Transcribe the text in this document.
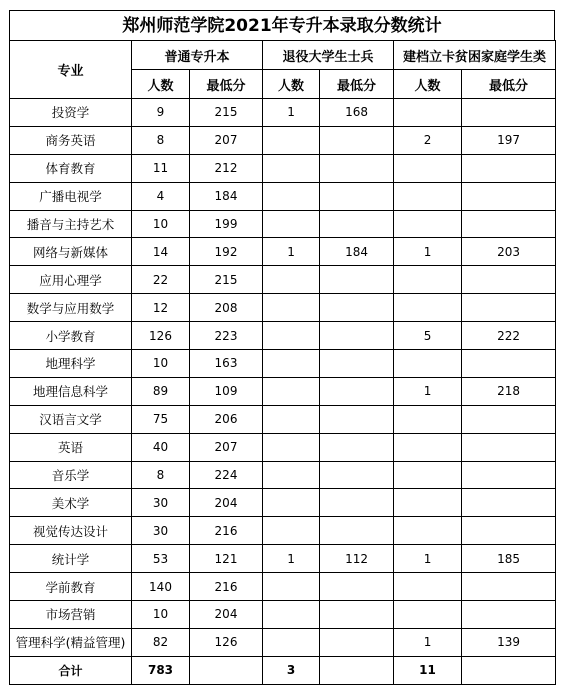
郑州师范学院2021年专升本录取分数统计
专业	普通专升本		退役大学生士兵		建档立卡贫困家庭学生类	
	人数	最低分	人数	最低分	人数	最低分
投资学	9	215	1	168		
商务英语	8	207			2	197
体育教育	11	212				
广播电视学	4	184				
播音与主持艺术	10	199				
网络与新媒体	14	192	1	184	1	203
应用心理学	22	215				
数学与应用数学	12	208				
小学教育	126	223			5	222
地理科学	10	163				
地理信息科学	89	109			1	218
汉语言文学	75	206				
英语	40	207				
音乐学	8	224				
美术学	30	204				
视觉传达设计	30	216				
统计学	53	121	1	112	1	185
学前教育	140	216				
市场营销	10	204				
管理科学(精益管理)	82	126			1	139
合计	783		3		11	
